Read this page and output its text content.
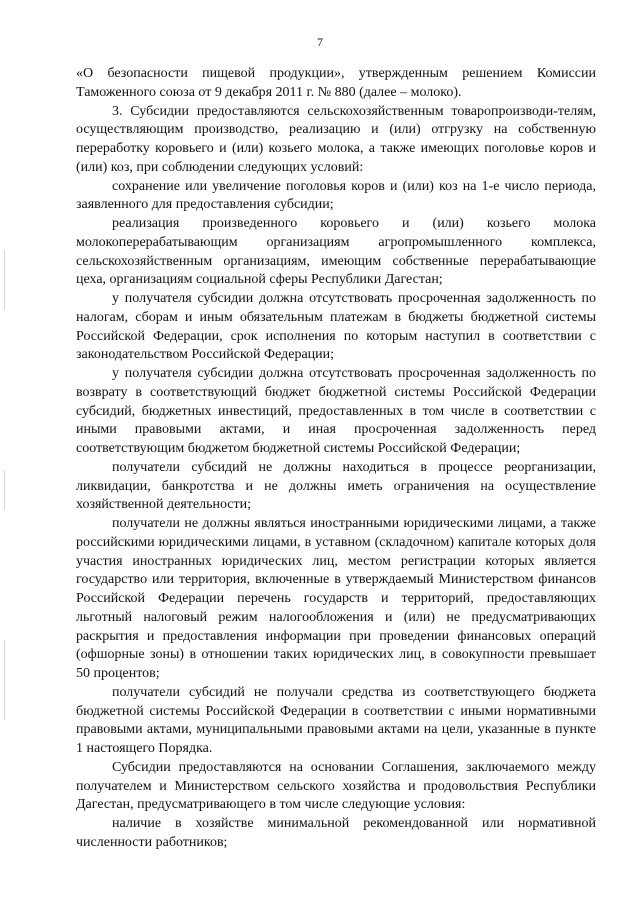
7

«О безопасности пищевой продукции», утвержденным решением Комиссии Таможенного союза от 9 декабря 2011 г. № 880 (далее – молоко).

3. Субсидии предоставляются сельскохозяйственным товаропроизводи-телям, осуществляющим производство, реализацию и (или) отгрузку на собственную переработку коровьего и (или) козьего молока, а также имеющих поголовье коров и (или) коз, при соблюдении следующих условий:

сохранение или увеличение поголовья коров и (или) коз на 1-е число периода, заявленного для предоставления субсидии;

реализация произведенного коровьего и (или) козьего молока молокоперерабатывающим организациям агропромышленного комплекса, сельскохозяйственным организациям, имеющим собственные перерабатывающие цеха, организациям социальной сферы Республики Дагестан;

у получателя субсидии должна отсутствовать просроченная задолженность по налогам, сборам и иным обязательным платежам в бюджеты бюджетной системы Российской Федерации, срок исполнения по которым наступил в соответствии с законодательством Российской Федерации;

у получателя субсидии должна отсутствовать просроченная задолженность по возврату в соответствующий бюджет бюджетной системы Российской Федерации субсидий, бюджетных инвестиций, предоставленных в том числе в соответствии с иными правовыми актами, и иная просроченная задолженность перед соответствующим бюджетом бюджетной системы Российской Федерации;

получатели субсидий не должны находиться в процессе реорганизации, ликвидации, банкротства и не должны иметь ограничения на осуществление хозяйственной деятельности;

получатели не должны являться иностранными юридическими лицами, а также российскими юридическими лицами, в уставном (складочном) капитале которых доля участия иностранных юридических лиц, местом регистрации которых является государство или территория, включенные в утверждаемый Министерством финансов Российской Федерации перечень государств и территорий, предоставляющих льготный налоговый режим налогообложения и (или) не предусматривающих раскрытия и предоставления информации при проведении финансовых операций (офшорные зоны) в отношении таких юридических лиц, в совокупности превышает 50 процентов;

получатели субсидий не получали средства из соответствующего бюджета бюджетной системы Российской Федерации в соответствии с иными нормативными правовыми актами, муниципальными правовыми актами на цели, указанные в пункте 1 настоящего Порядка.

Субсидии предоставляются на основании Соглашения, заключаемого между получателем и Министерством сельского хозяйства и продовольствия Республики Дагестан, предусматривающего в том числе следующие условия:

наличие в хозяйстве минимальной рекомендованной или нормативной численности работников;
